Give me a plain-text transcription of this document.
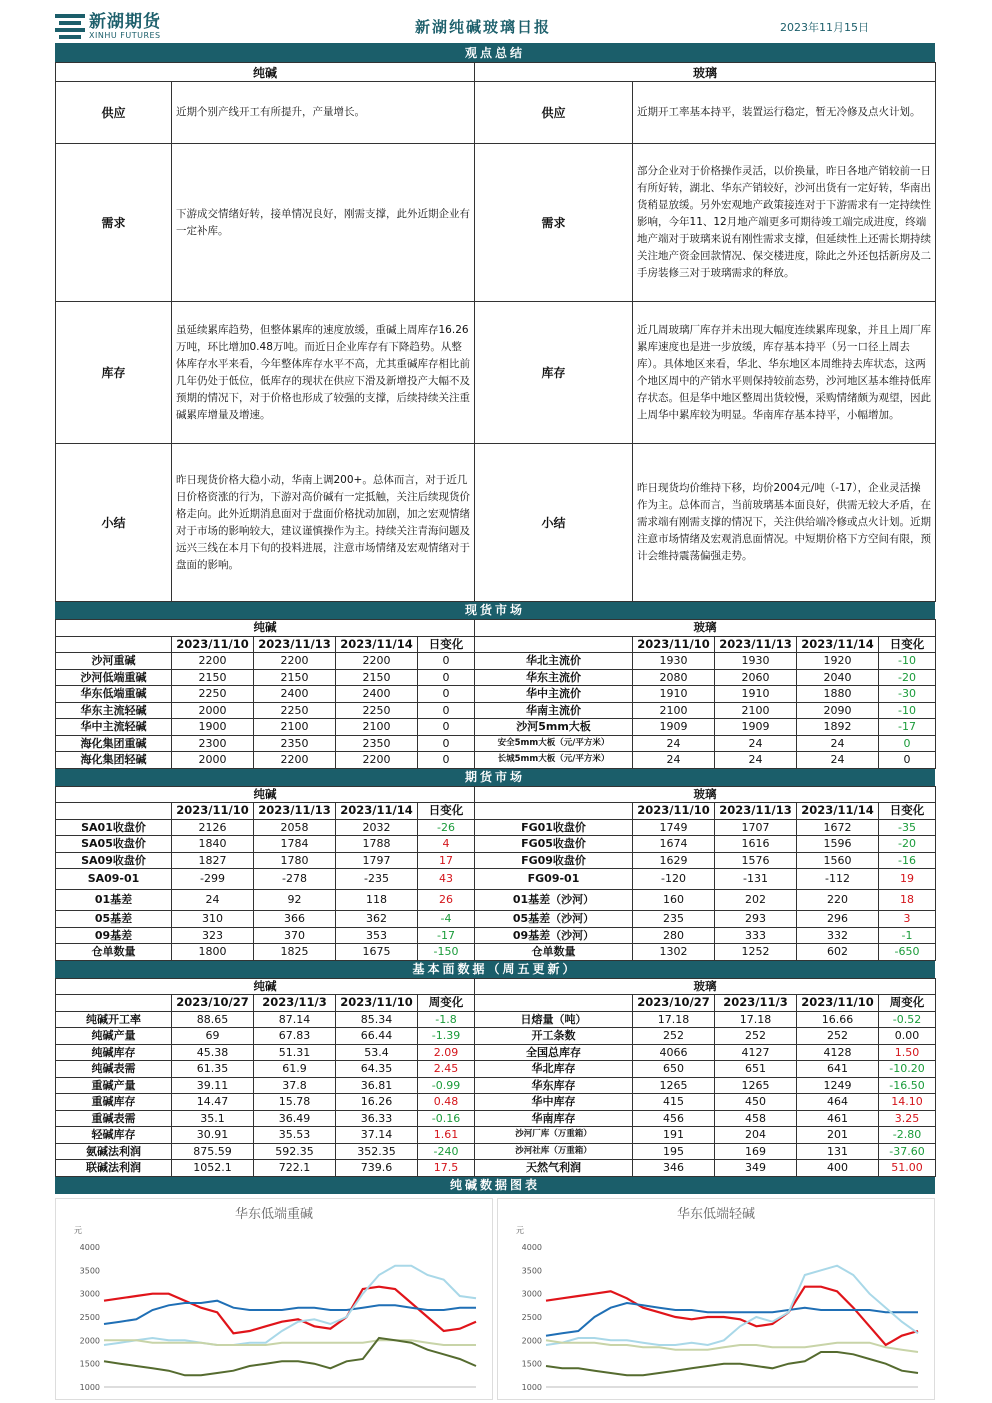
新湖期货
XINHU FUTURES	新湖纯碱玻璃日报	2023年11月15日
观点总结
纯碱		玻璃	
供应	近期个别产线开工有所提升，产量增长。	供应	近期开工率基本持平，装置运行稳定，暂无冷修及点火计划。
需求	下游成交情绪好转，接单情况良好，刚需支撑，此外近期企业有一定补库。	需求	部分企业对于价格操作灵活，以价换量，昨日各地产销较前一日有所好转，湖北、华东产销较好，沙河出货有一定好转，华南出货稍显放缓。另外宏观地产政策接连对于下游需求有一定持续性影响，今年11、12月地产端更多可期待竣工端完成进度，终端地产端对于玻璃来说有刚性需求支撑，但延续性上还需长期持续关注地产资金回款情况、保交楼进度，除此之外还包括新房及二手房装修三对于玻璃需求的释放。
库存	虽延续累库趋势，但整体累库的速度放缓，重碱上周库存16.26万吨，环比增加0.48万吨。而近日企业库存有下降趋势。从整体库存水平来看，今年整体库存水平不高，尤其重碱库存相比前几年仍处于低位，低库存的现状在供应下滑及新增投产大幅不及预期的情况下，对于价格也形成了较强的支撑，后续持续关注重碱累库增量及增速。	库存	近几周玻璃厂库存并未出现大幅度连续累库现象，并且上周厂库累库速度也是进一步放缓，库存基本持平（另一口径上周去库）。具体地区来看，华北、华东地区本周维持去库状态，这两个地区周中的产销水平则保持较前态势，沙河地区基本维持低库存状态。但是华中地区整周出货较慢，采购情绪颇为观望，因此上周华中累库较为明显。华南库存基本持平，小幅增加。
小结	昨日现货价格大稳小动，华南上调200+。总体而言，对于近几日价格资涨的行为，下游对高价碱有一定抵触，关注后续现货价格走向。此外近期消息面对于盘面价格扰动加剧，加之宏观情绪对于市场的影响较大，建议谨慎操作为主。持续关注青海问题及远兴三线在本月下旬的投料进展，注意市场情绪及宏观情绪对于盘面的影响。	小结	昨日现货均价维持下移，均价2004元/吨（-17），企业灵活操作为主。总体而言，当前玻璃基本面良好，供需无较大矛盾，在需求端有刚需支撑的情况下，关注供给端冷修或点火计划。近期注意市场情绪及宏观消息面情况。中短期价格下方空间有限，预计会维持震荡偏强走势。
现货市场
纯碱					玻璃				
	2023/11/10	2023/11/13	2023/11/14	日变化		2023/11/10	2023/11/13	2023/11/14	日变化
沙河重碱	2200	2200	2200	0	华北主流价	1930	1930	1920	-10
沙河低端重碱	2150	2150	2150	0	华东主流价	2080	2060	2040	-20
华东低端重碱	2250	2400	2400	0	华中主流价	1910	1910	1880	-30
华东主流轻碱	2000	2250	2250	0	华南主流价	2100	2100	2090	-10
华中主流轻碱	1900	2100	2100	0	沙河5mm大板	1909	1909	1892	-17
海化集团重碱	2300	2350	2350	0	安全5mm大板（元/平方米）	24	24	24	0
海化集团轻碱	2000	2200	2200	0	长城5mm大板（元/平方米）	24	24	24	0
期货市场
纯碱					玻璃				
	2023/11/10	2023/11/13	2023/11/14	日变化		2023/11/10	2023/11/13	2023/11/14	日变化
SA01收盘价	2126	2058	2032	-26	FG01收盘价	1749	1707	1672	-35
SA05收盘价	1840	1784	1788	4	FG05收盘价	1674	1616	1596	-20
SA09收盘价	1827	1780	1797	17	FG09收盘价	1629	1576	1560	-16
SA09-01	-299	-278	-235	43	FG09-01	-120	-131	-112	19
01基差	24	92	118	26	01基差（沙河）	160	202	220	18
05基差	310	366	362	-4	05基差（沙河）	235	293	296	3
09基差	323	370	353	-17	09基差（沙河）	280	333	332	-1
仓单数量	1800	1825	1675	-150	仓单数量	1302	1252	602	-650
基本面数据（周五更新）
纯碱					玻璃				
	2023/10/27	2023/11/3	2023/11/10	周变化		2023/10/27	2023/11/3	2023/11/10	周变化
纯碱开工率	88.65	87.14	85.34	-1.8	日熔量（吨）	17.18	17.18	16.66	-0.52
纯碱产量	69	67.83	66.44	-1.39	开工条数	252	252	252	0.00
纯碱库存	45.38	51.31	53.4	2.09	全国总库存	4066	4127	4128	1.50
纯碱表需	61.35	61.9	64.35	2.45	华北库存	650	651	641	-10.20
重碱产量	39.11	37.8	36.81	-0.99	华东库存	1265	1265	1249	-16.50
重碱库存	14.47	15.78	16.26	0.48	华中库存	415	450	464	14.10
重碱表需	35.1	36.49	36.33	-0.16	华南库存	456	458	461	3.25
轻碱库存	30.91	35.53	37.14	1.61	沙河厂库（万重箱）	191	204	201	-2.80
氨碱法利润	875.59	592.35	352.35	-240	沙河社库（万重箱）	195	169	131	-37.60
联碱法利润	1052.1	722.1	739.6	17.5	天然气利润	346	349	400	51.00
纯碱数据图表
华东低端重碱
元
4000
3500
3000
2500
2000
1500
1000
华东低端轻碱
元
4000
3500
3000
2500
2000
1500
1000
